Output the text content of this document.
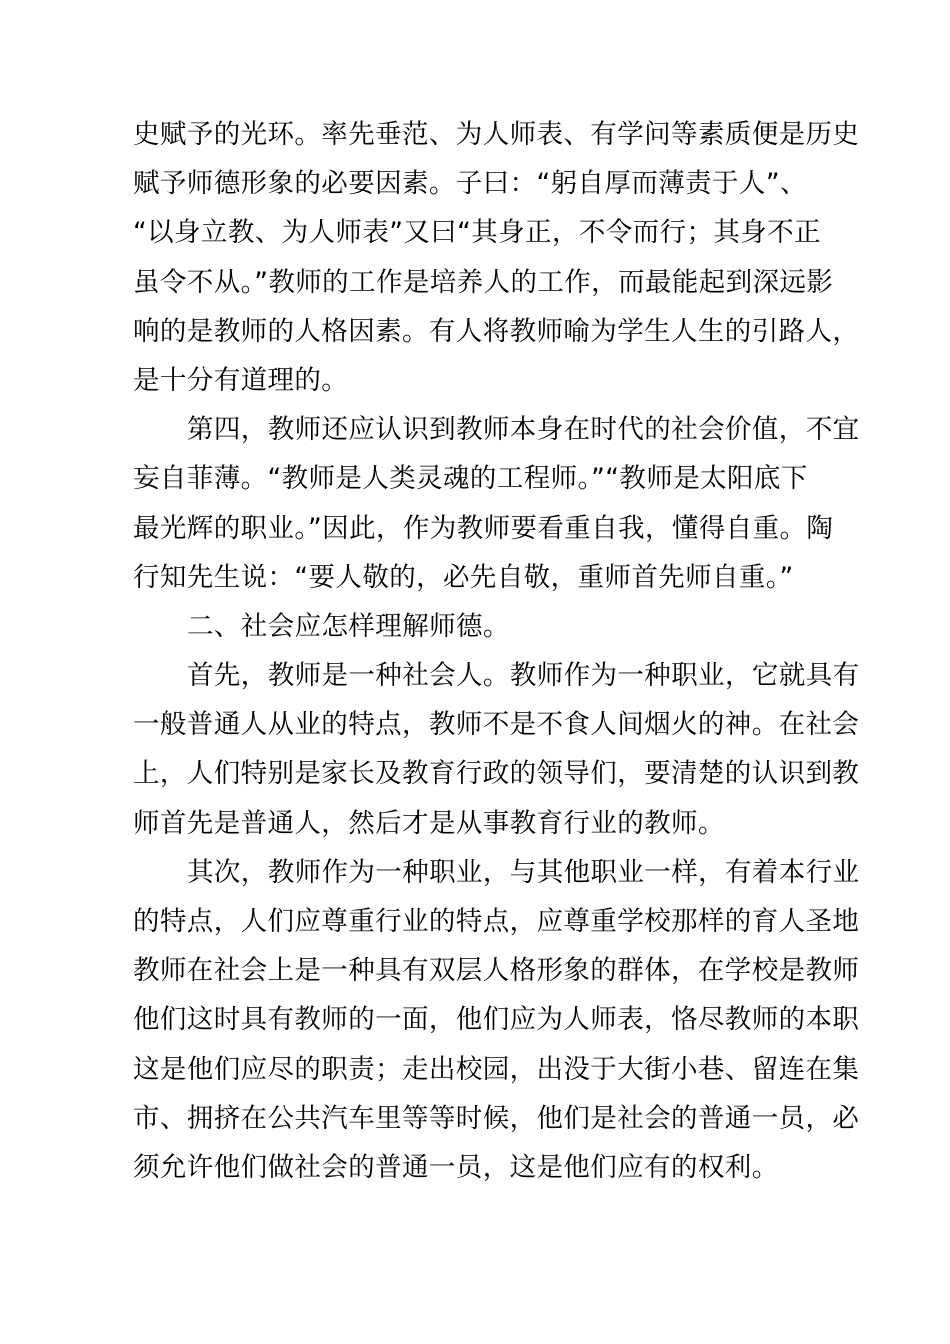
史赋予的光环。率先垂范、为人师表、有学问等素质便是历史
赋予师德形象的必要因素。子曰：“躬自厚而薄责于人”、
“以身立教、为人师表”又曰“其身正，不令而行；其身不正
虽令不从。”教师的工作是培养人的工作，而最能起到深远影
响的是教师的人格因素。有人将教师喻为学生人生的引路人，
是十分有道理的。
第四，教师还应认识到教师本身在时代的社会价值，不宜
妄自菲薄。“教师是人类灵魂的工程师。”“教师是太阳底下
最光辉的职业。”因此，作为教师要看重自我，懂得自重。陶
行知先生说：“要人敬的，必先自敬，重师首先师自重。”
二、社会应怎样理解师德。
首先，教师是一种社会人。教师作为一种职业，它就具有
一般普通人从业的特点，教师不是不食人间烟火的神。在社会
上，人们特别是家长及教育行政的领导们，要清楚的认识到教
师首先是普通人，然后才是从事教育行业的教师。
其次，教师作为一种职业，与其他职业一样，有着本行业
的特点，人们应尊重行业的特点，应尊重学校那样的育人圣地
教师在社会上是一种具有双层人格形象的群体，在学校是教师
他们这时具有教师的一面，他们应为人师表，恪尽教师的本职
这是他们应尽的职责；走出校园，出没于大街小巷、留连在集
市、拥挤在公共汽车里等等时候，他们是社会的普通一员，必
须允许他们做社会的普通一员，这是他们应有的权利。
